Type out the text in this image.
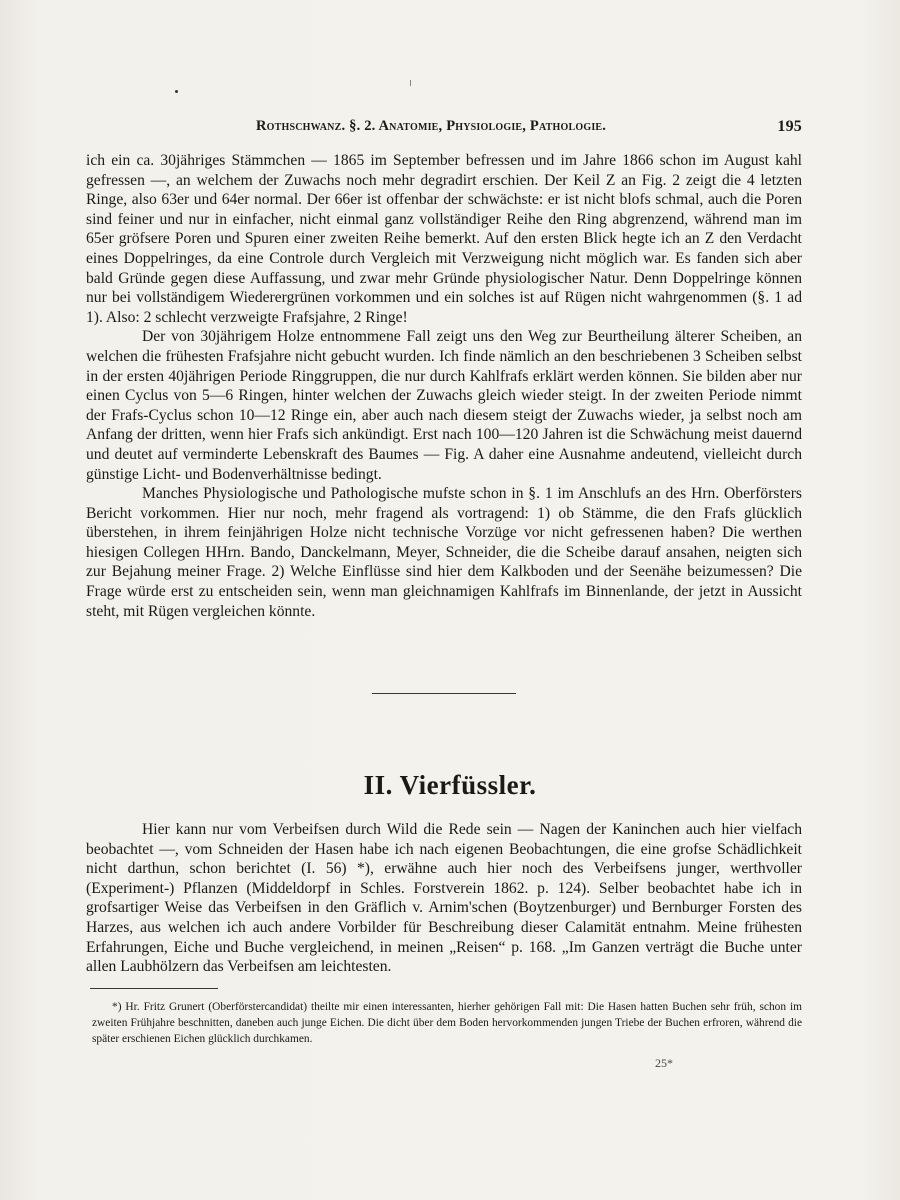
Rothschwanz. §. 2. Anatomie, Physiologie, Pathologie.	195

ich ein ca. 30jähriges Stämmchen — 1865 im September befressen und im Jahre 1866 schon im August kahl gefressen —, an welchem der Zuwachs noch mehr degradirt erschien. Der Keil Z an Fig. 2 zeigt die 4 letzten Ringe, also 63er und 64er normal. Der 66er ist offenbar der schwächste: er ist nicht blofs schmal, auch die Poren sind feiner und nur in einfacher, nicht einmal ganz vollständiger Reihe den Ring abgrenzend, während man im 65er gröfsere Poren und Spuren einer zweiten Reihe bemerkt. Auf den ersten Blick hegte ich an Z den Verdacht eines Doppelringes, da eine Controle durch Vergleich mit Verzweigung nicht möglich war. Es fanden sich aber bald Gründe gegen diese Auffassung, und zwar mehr Gründe physiologischer Natur. Denn Doppelringe können nur bei vollständigem Wiederergrünen vorkommen und ein solches ist auf Rügen nicht wahrgenommen (§. 1 ad 1). Also: 2 schlecht verzweigte Frafsjahre, 2 Ringe!

Der von 30jährigem Holze entnommene Fall zeigt uns den Weg zur Beurtheilung älterer Scheiben, an welchen die frühesten Frafsjahre nicht gebucht wurden. Ich finde nämlich an den beschriebenen 3 Scheiben selbst in der ersten 40jährigen Periode Ringgruppen, die nur durch Kahlfrafs erklärt werden können. Sie bilden aber nur einen Cyclus von 5—6 Ringen, hinter welchen der Zuwachs gleich wieder steigt. In der zweiten Periode nimmt der Frafs-Cyclus schon 10—12 Ringe ein, aber auch nach diesem steigt der Zuwachs wieder, ja selbst noch am Anfang der dritten, wenn hier Frafs sich ankündigt. Erst nach 100—120 Jahren ist die Schwächung meist dauernd und deutet auf verminderte Lebenskraft des Baumes — Fig. A daher eine Ausnahme andeutend, vielleicht durch günstige Licht- und Bodenverhältnisse bedingt.

Manches Physiologische und Pathologische mufste schon in §. 1 im Anschlufs an des Hrn. Oberförsters Bericht vorkommen. Hier nur noch, mehr fragend als vortragend: 1) ob Stämme, die den Frafs glücklich überstehen, in ihrem feinjährigen Holze nicht technische Vorzüge vor nicht gefressenen haben? Die werthen hiesigen Collegen HHrn. Bando, Danckelmann, Meyer, Schneider, die die Scheibe darauf ansahen, neigten sich zur Bejahung meiner Frage. 2) Welche Einflüsse sind hier dem Kalkboden und der Seenähe beizumessen? Die Frage würde erst zu entscheiden sein, wenn man gleichnamigen Kahlfrafs im Binnenlande, der jetzt in Aussicht steht, mit Rügen vergleichen könnte.

II. Vierfüssler.

Hier kann nur vom Verbeifsen durch Wild die Rede sein — Nagen der Kaninchen auch hier vielfach beobachtet —, vom Schneiden der Hasen habe ich nach eigenen Beobachtungen, die eine grofse Schädlichkeit nicht darthun, schon berichtet (I. 56) *), erwähne auch hier noch des Verbeifsens junger, werthvoller (Experiment-) Pflanzen (Middeldorpf in Schles. Forstverein 1862. p. 124). Selber beobachtet habe ich in grofsartiger Weise das Verbeifsen in den Gräflich v. Arnim'schen (Boytzenburger) und Bernburger Forsten des Harzes, aus welchen ich auch andere Vorbilder für Beschreibung dieser Calamität entnahm. Meine frühesten Erfahrungen, Eiche und Buche vergleichend, in meinen „Reisen“ p. 168. „Im Ganzen verträgt die Buche unter allen Laubhölzern das Verbeifsen am leichtesten.

*) Hr. Fritz Grunert (Oberförstercandidat) theilte mir einen interessanten, hierher gehörigen Fall mit: Die Hasen hatten Buchen sehr früh, schon im zweiten Frühjahre beschnitten, daneben auch junge Eichen. Die dicht über dem Boden hervorkommenden jungen Triebe der Buchen erfroren, während die später erschienen Eichen glücklich durchkamen.

25*
